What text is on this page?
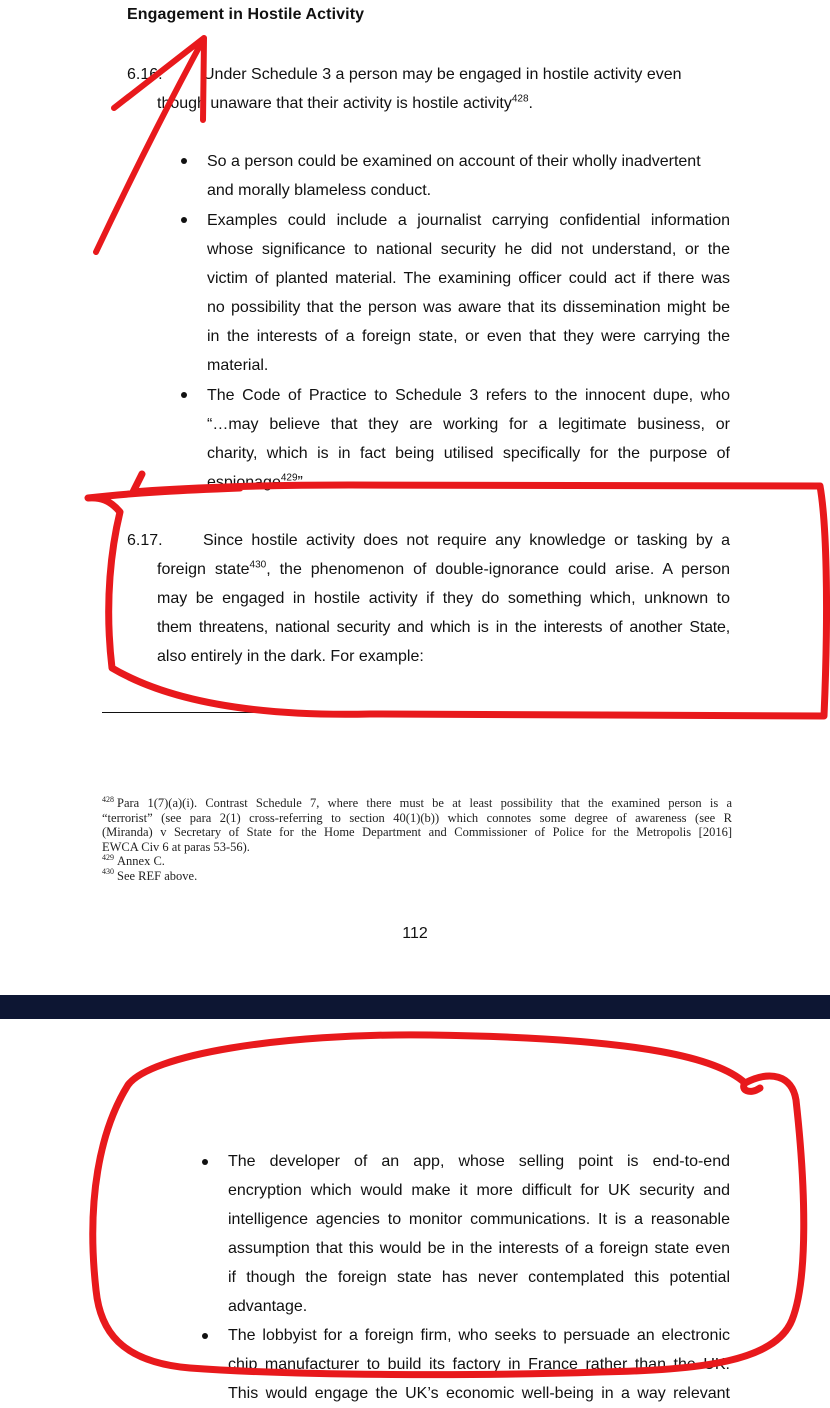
Engagement in Hostile Activity
6.16.	Under Schedule 3 a person may be engaged in hostile activity even
though unaware that their activity is hostile activity$^{428}$.
So a person could be examined on account of their wholly inadvertent
and morally blameless conduct.
Examples could include a journalist carrying confidential information
whose significance to national security he did not understand, or the
victim of planted material. The examining officer could act if there was
no possibility that the person was aware that its dissemination might be
in the interests of a foreign state, or even that they were carrying the
material.
The Code of Practice to Schedule 3 refers to the innocent dupe, who
“…may believe that they are working for a legitimate business, or
charity, which is in fact being utilised specifically for the purpose of
espionage$^{429}$”.
6.17.	Since hostile activity does not require any knowledge or tasking by a
foreign state$^{430}$, the phenomenon of double-ignorance could arise. A person
may be engaged in hostile activity if they do something which, unknown to
them threatens, national security and which is in the interests of another State,
also entirely in the dark. For example:
$^{428}$ Para 1(7)(a)(i). Contrast Schedule 7, where there must be at least possibility that the examined person is a
“terrorist” (see para 2(1) cross-referring to section 40(1)(b)) which connotes some degree of awareness (see R
(Miranda) v Secretary of State for the Home Department and Commissioner of Police for the Metropolis [2016]
EWCA Civ 6 at paras 53-56).
$^{429}$ Annex C.
$^{430}$ See REF above.
112
The developer of an app, whose selling point is end-to-end
encryption which would make it more difficult for UK security and
intelligence agencies to monitor communications. It is a reasonable
assumption that this would be in the interests of a foreign state even
if though the foreign state has never contemplated this potential
advantage.
The lobbyist for a foreign firm, who seeks to persuade an electronic
chip manufacturer to build its factory in France rather than the UK.
This would engage the UK’s economic well-being in a way relevant
